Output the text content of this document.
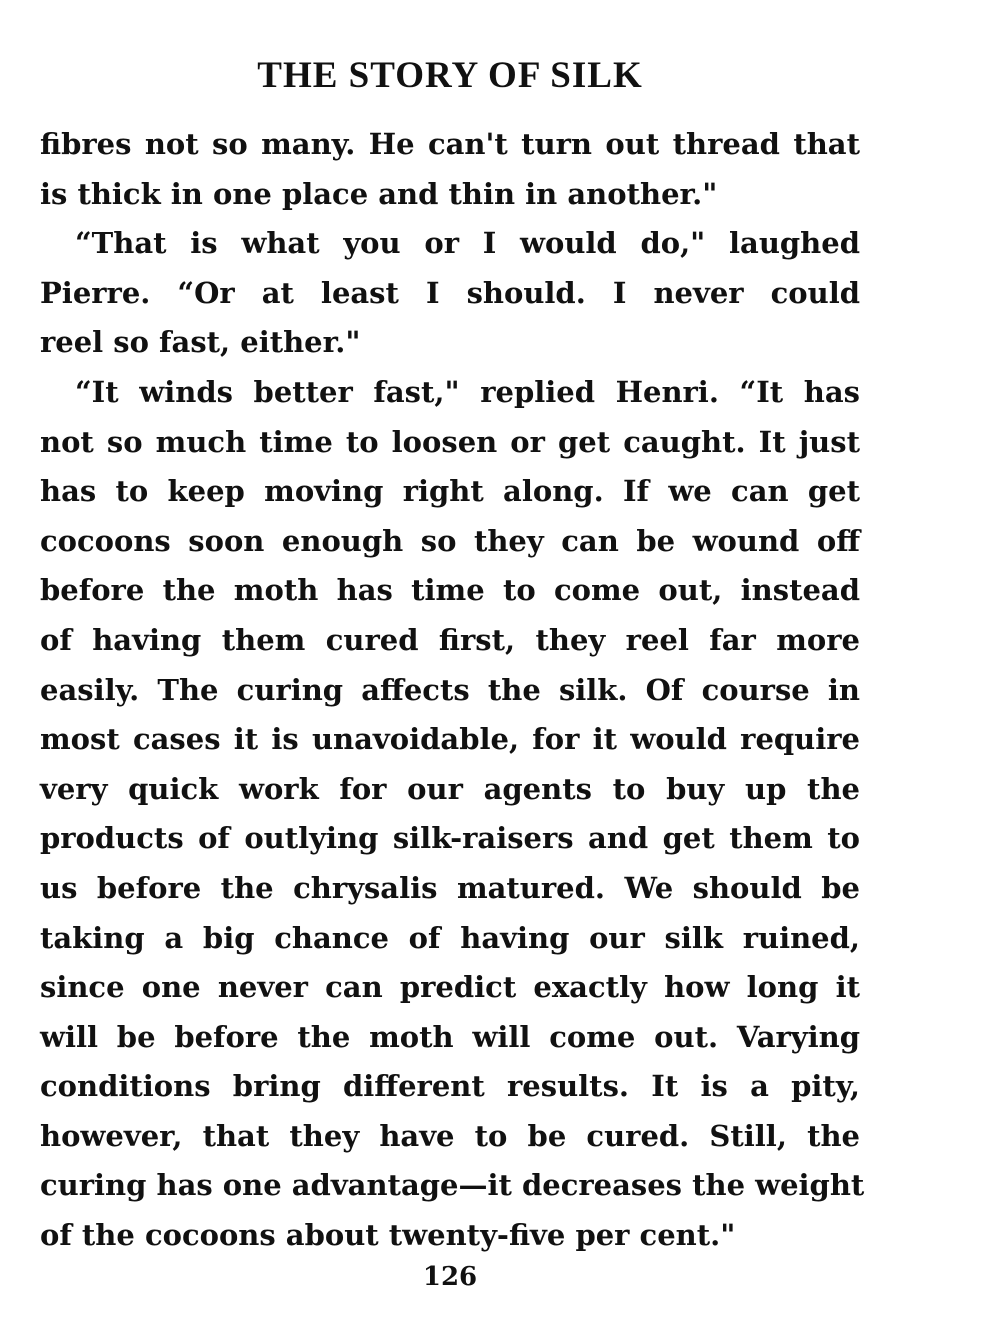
THE STORY OF SILK
fibres not so many. He can't turn out thread that
is thick in one place and thin in another."
“That is what you or I would do," laughed
Pierre. “Or at least I should. I never could
reel so fast, either."
“It winds better fast," replied Henri. “It has
not so much time to loosen or get caught. It just
has to keep moving right along. If we can get
cocoons soon enough so they can be wound off
before the moth has time to come out, instead
of having them cured first, they reel far more
easily. The curing affects the silk. Of course in
most cases it is unavoidable, for it would require
very quick work for our agents to buy up the
products of outlying silk-raisers and get them to
us before the chrysalis matured. We should be
taking a big chance of having our silk ruined,
since one never can predict exactly how long it
will be before the moth will come out. Varying
conditions bring different results. It is a pity,
however, that they have to be cured. Still, the
curing has one advantage—it decreases the weight
of the cocoons about twenty-five per cent."
126
